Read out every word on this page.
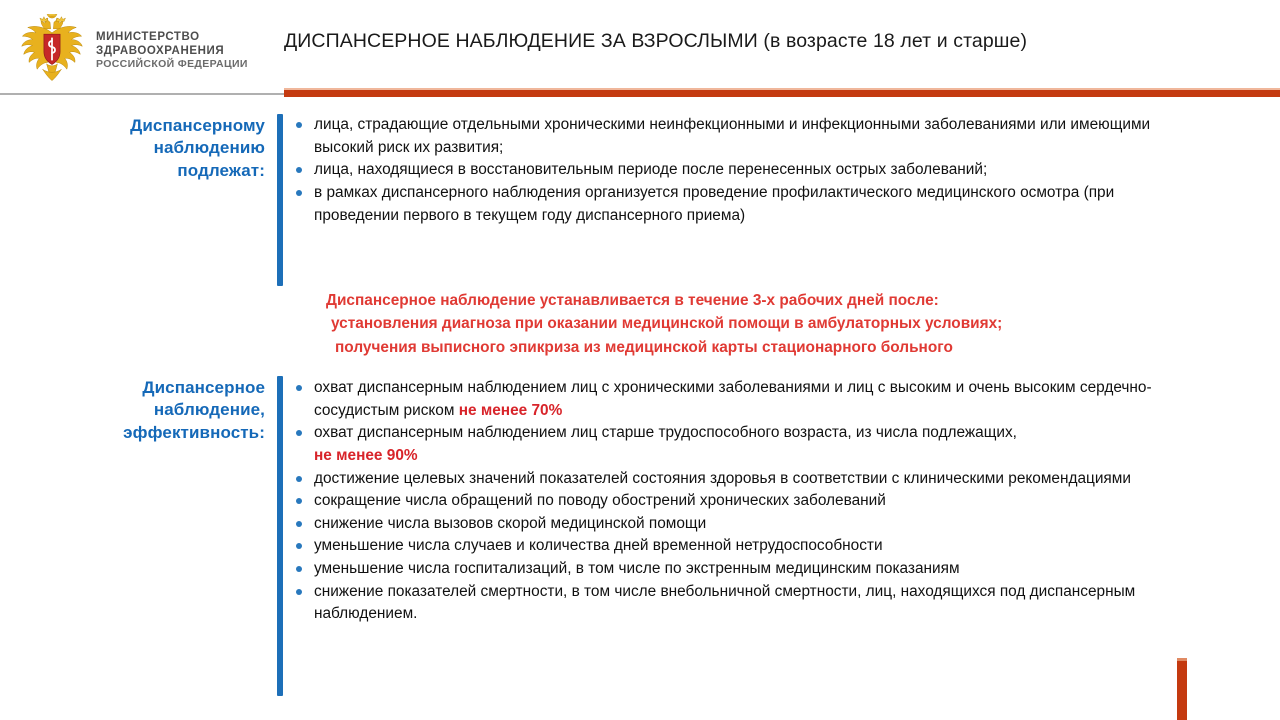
МИНИСТЕРСТВО
ЗДРАВООХРАНЕНИЯ
РОССИЙСКОЙ ФЕДЕРАЦИИ
ДИСПАНСЕРНОЕ НАБЛЮДЕНИЕ ЗА ВЗРОСЛЫМИ (в возрасте 18 лет и старше)
Диспансерному
наблюдению
подлежат:
лица, страдающие отдельными хроническими неинфекционными и инфекционными заболеваниями или имеющими высокий риск их развития;
лица, находящиеся в восстановительным периоде после перенесенных острых заболеваний;
в рамках диспансерного наблюдения организуется проведение профилактического медицинского осмотра (при проведении первого в текущем году диспансерного приема)
Диспансерное наблюдение устанавливается в течение 3-х рабочих дней после:
установления диагноза при оказании медицинской помощи в амбулаторных условиях;
получения выписного эпикриза из медицинской карты стационарного больного
Диспансерное
наблюдение,
эффективность:
охват диспансерным наблюдением лиц с хроническими заболеваниями и лиц с высоким и очень высоким сердечно-сосудистым риском не менее 70%
охват диспансерным наблюдением лиц старше трудоспособного возраста, из числа подлежащих,
не менее 90%
достижение целевых значений показателей состояния здоровья в соответствии с клиническими рекомендациями
сокращение числа обращений по поводу обострений хронических заболеваний
снижение числа вызовов скорой медицинской помощи
уменьшение числа случаев и количества дней временной нетрудоспособности
уменьшение числа госпитализаций, в том числе по экстренным медицинским показаниям
снижение показателей смертности, в том числе внебольничной смертности, лиц, находящихся под диспансерным наблюдением.
